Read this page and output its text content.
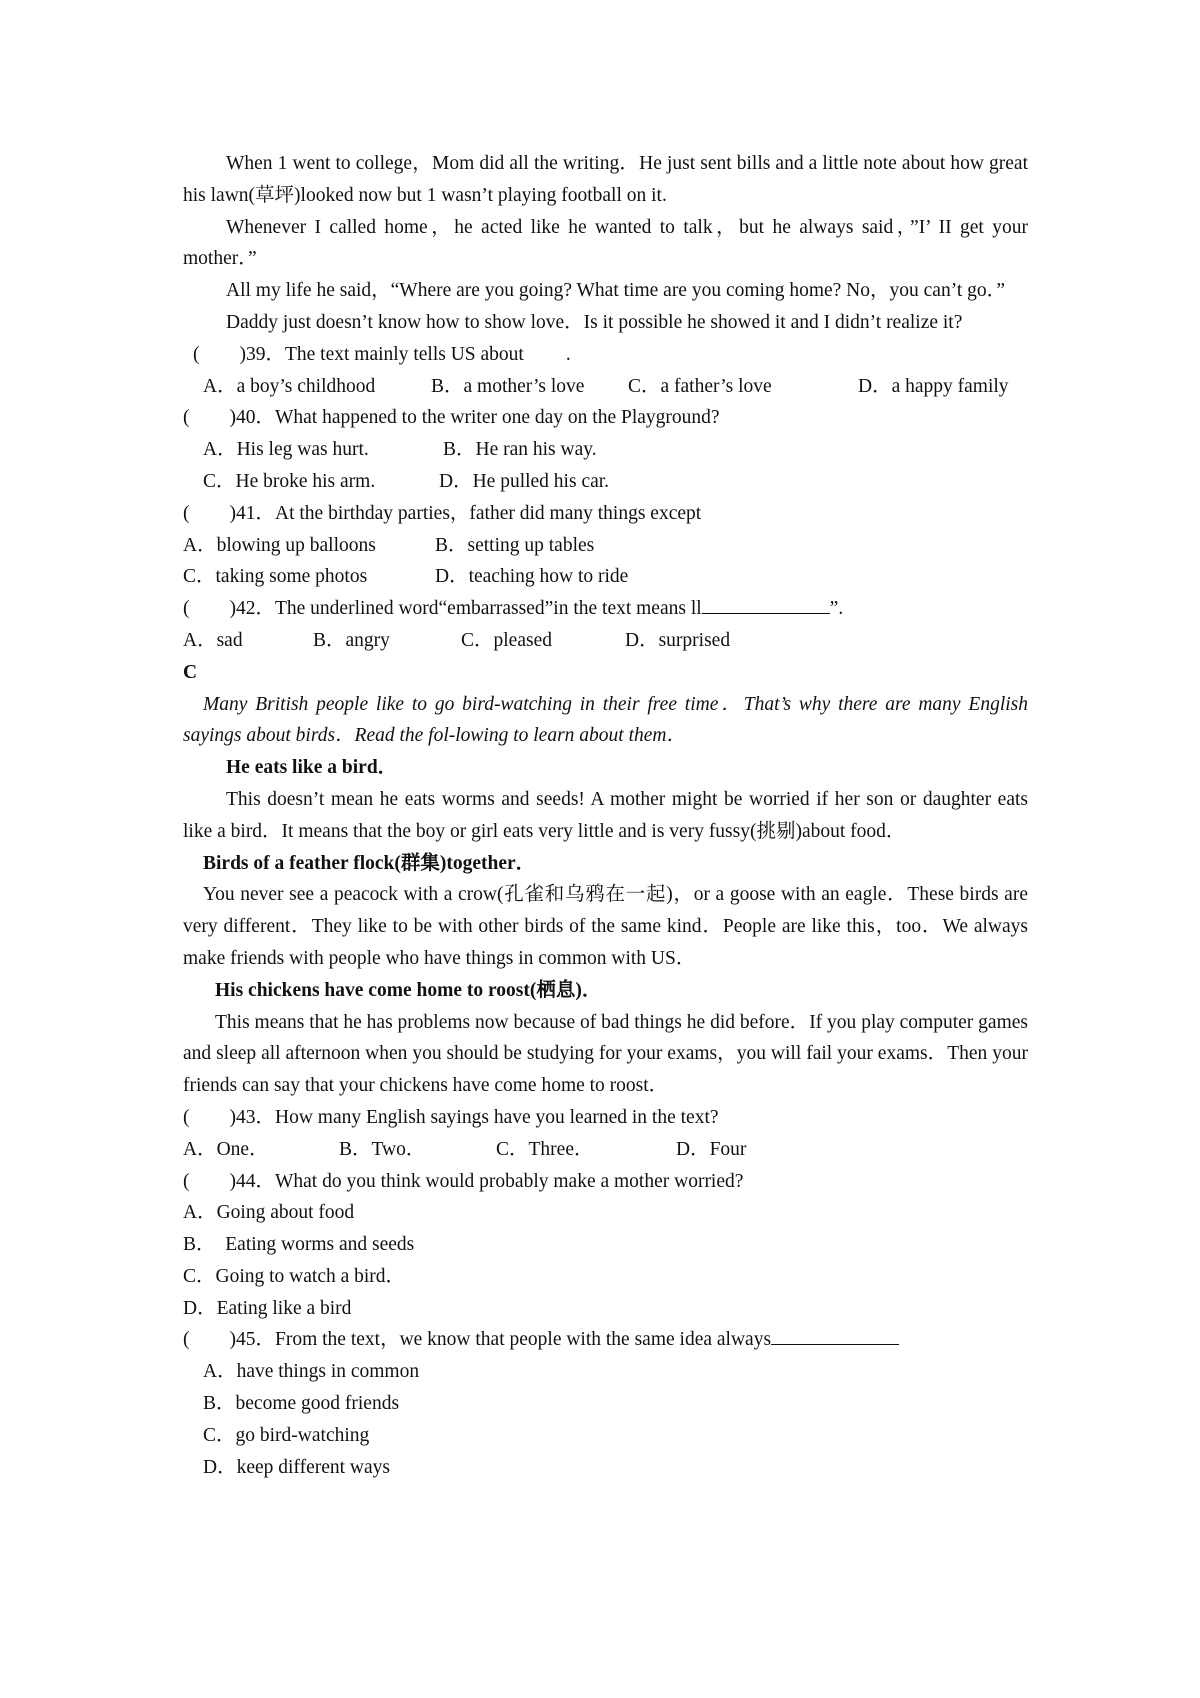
When 1 went to college，Mom did all the writing．He just sent bills and a little note about how great his lawn(草坪)looked now but 1 wasn’t playing football on it.

Whenever I called home，he acted like he wanted to talk，but he always said，”I’ II get your mother．”

All my life he said，“Where are you going? What time are you coming home? No，you can’t go．”

Daddy just doesn’t know how to show love．Is it possible he showed it and I didn’t realize it?

( )39．The text mainly tells US about .

A．a boy’s childhood	B．a mother’s love	C．a father’s love	D．a happy family

( )40．What happened to the writer one day on the Playground?

A．His leg was hurt.	B．He ran his way.
C．He broke his arm.	D．He pulled his car.

( )41．At the birthday parties，father did many things except

A．blowing up balloons	B．setting up tables
C．taking some photos	D．teaching how to ride

( )42．The underlined word“embarrassed”in the text means ll	”.

A．sad	B．angry	C．pleased	D．surprised

C

Many British people like to go bird-watching in their free time．That’s why there are many English sayings about birds．Read the fol-lowing to learn about them．

He eats like a bird．

This doesn’t mean he eats worms and seeds! A mother might be worried if her son or daughter eats like a bird．It means that the boy or girl eats very little and is very fussy(挑剔)about food．

Birds of a feather flock(群集)together．

You never see a peacock with a crow(孔雀和乌鸦在一起)，or a goose with an eagle．These birds are very different．They like to be with other birds of the same kind．People are like this，too．We always make friends with people who have things in common with US．

His chickens have come home to roost(栖息)．

This means that he has problems now because of bad things he did before．If you play computer games and sleep all afternoon when you should be studying for your exams，you will fail your exams．Then your friends can say that your chickens have come home to roost．

( )43．How many English sayings have you learned in the text?

A．One．	B．Two．	C．Three．	D．Four

( )44．What do you think would probably make a mother worried?

A．Going about food

B．  Eating worms and seeds

C．Going to watch a bird．

D．Eating like a bird

( )45．From the text，we know that people with the same idea always

A．have things in common

B．become good friends

C．go bird-watching

D．keep different ways
